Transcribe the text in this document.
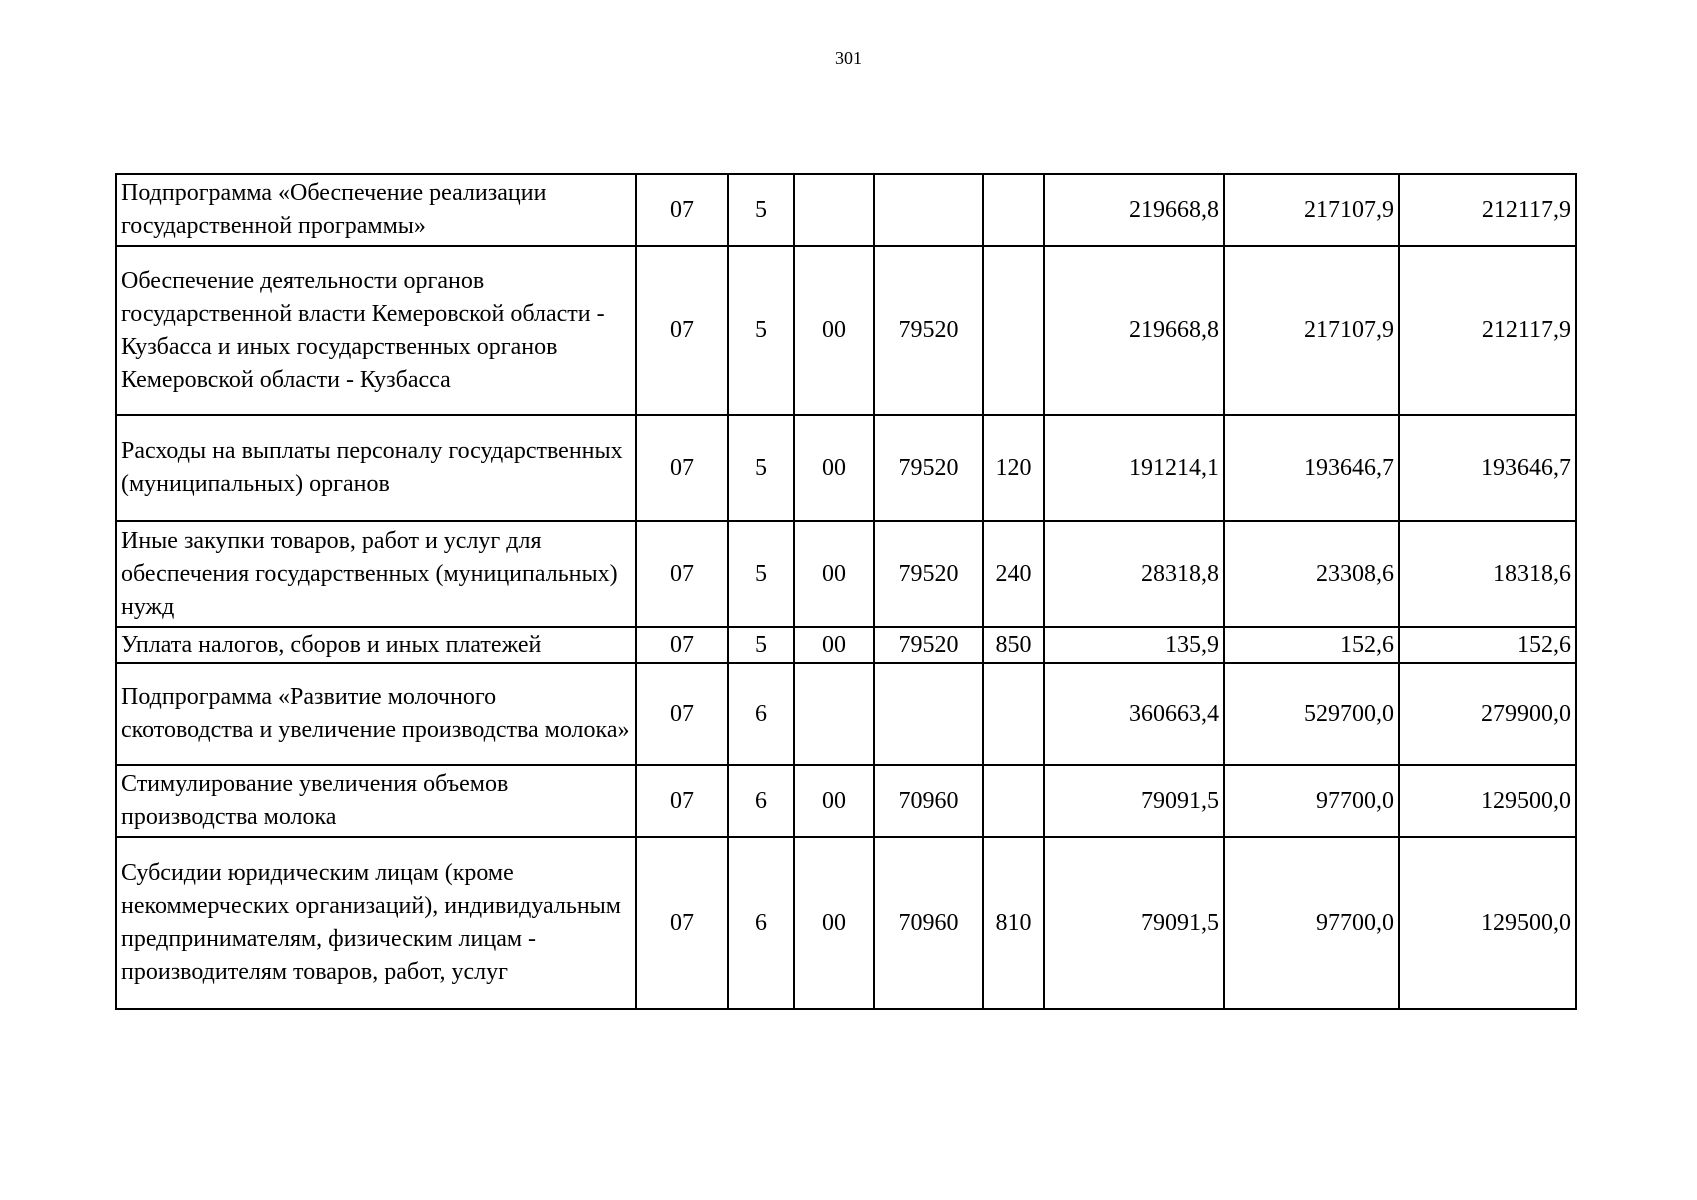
301
Подпрограмма «Обеспечение реализации государственной программы»	07	5				219668,8	217107,9	212117,9
Обеспечение деятельности органов государственной власти Кемеровской области - Кузбасса и иных государственных органов Кемеровской области - Кузбасса	07	5	00	79520		219668,8	217107,9	212117,9
Расходы на выплаты персоналу государственных (муниципальных) органов	07	5	00	79520	120	191214,1	193646,7	193646,7
Иные закупки товаров, работ и услуг для обеспечения государственных (муниципальных) нужд	07	5	00	79520	240	28318,8	23308,6	18318,6
Уплата налогов, сборов и иных платежей	07	5	00	79520	850	135,9	152,6	152,6
Подпрограмма «Развитие молочного скотоводства и увеличение производства молока»	07	6				360663,4	529700,0	279900,0
Стимулирование увеличения объемов производства молока	07	6	00	70960		79091,5	97700,0	129500,0
Субсидии юридическим лицам (кроме некоммерческих организаций), индивидуальным предпринимателям, физическим лицам - производителям товаров, работ, услуг	07	6	00	70960	810	79091,5	97700,0	129500,0
